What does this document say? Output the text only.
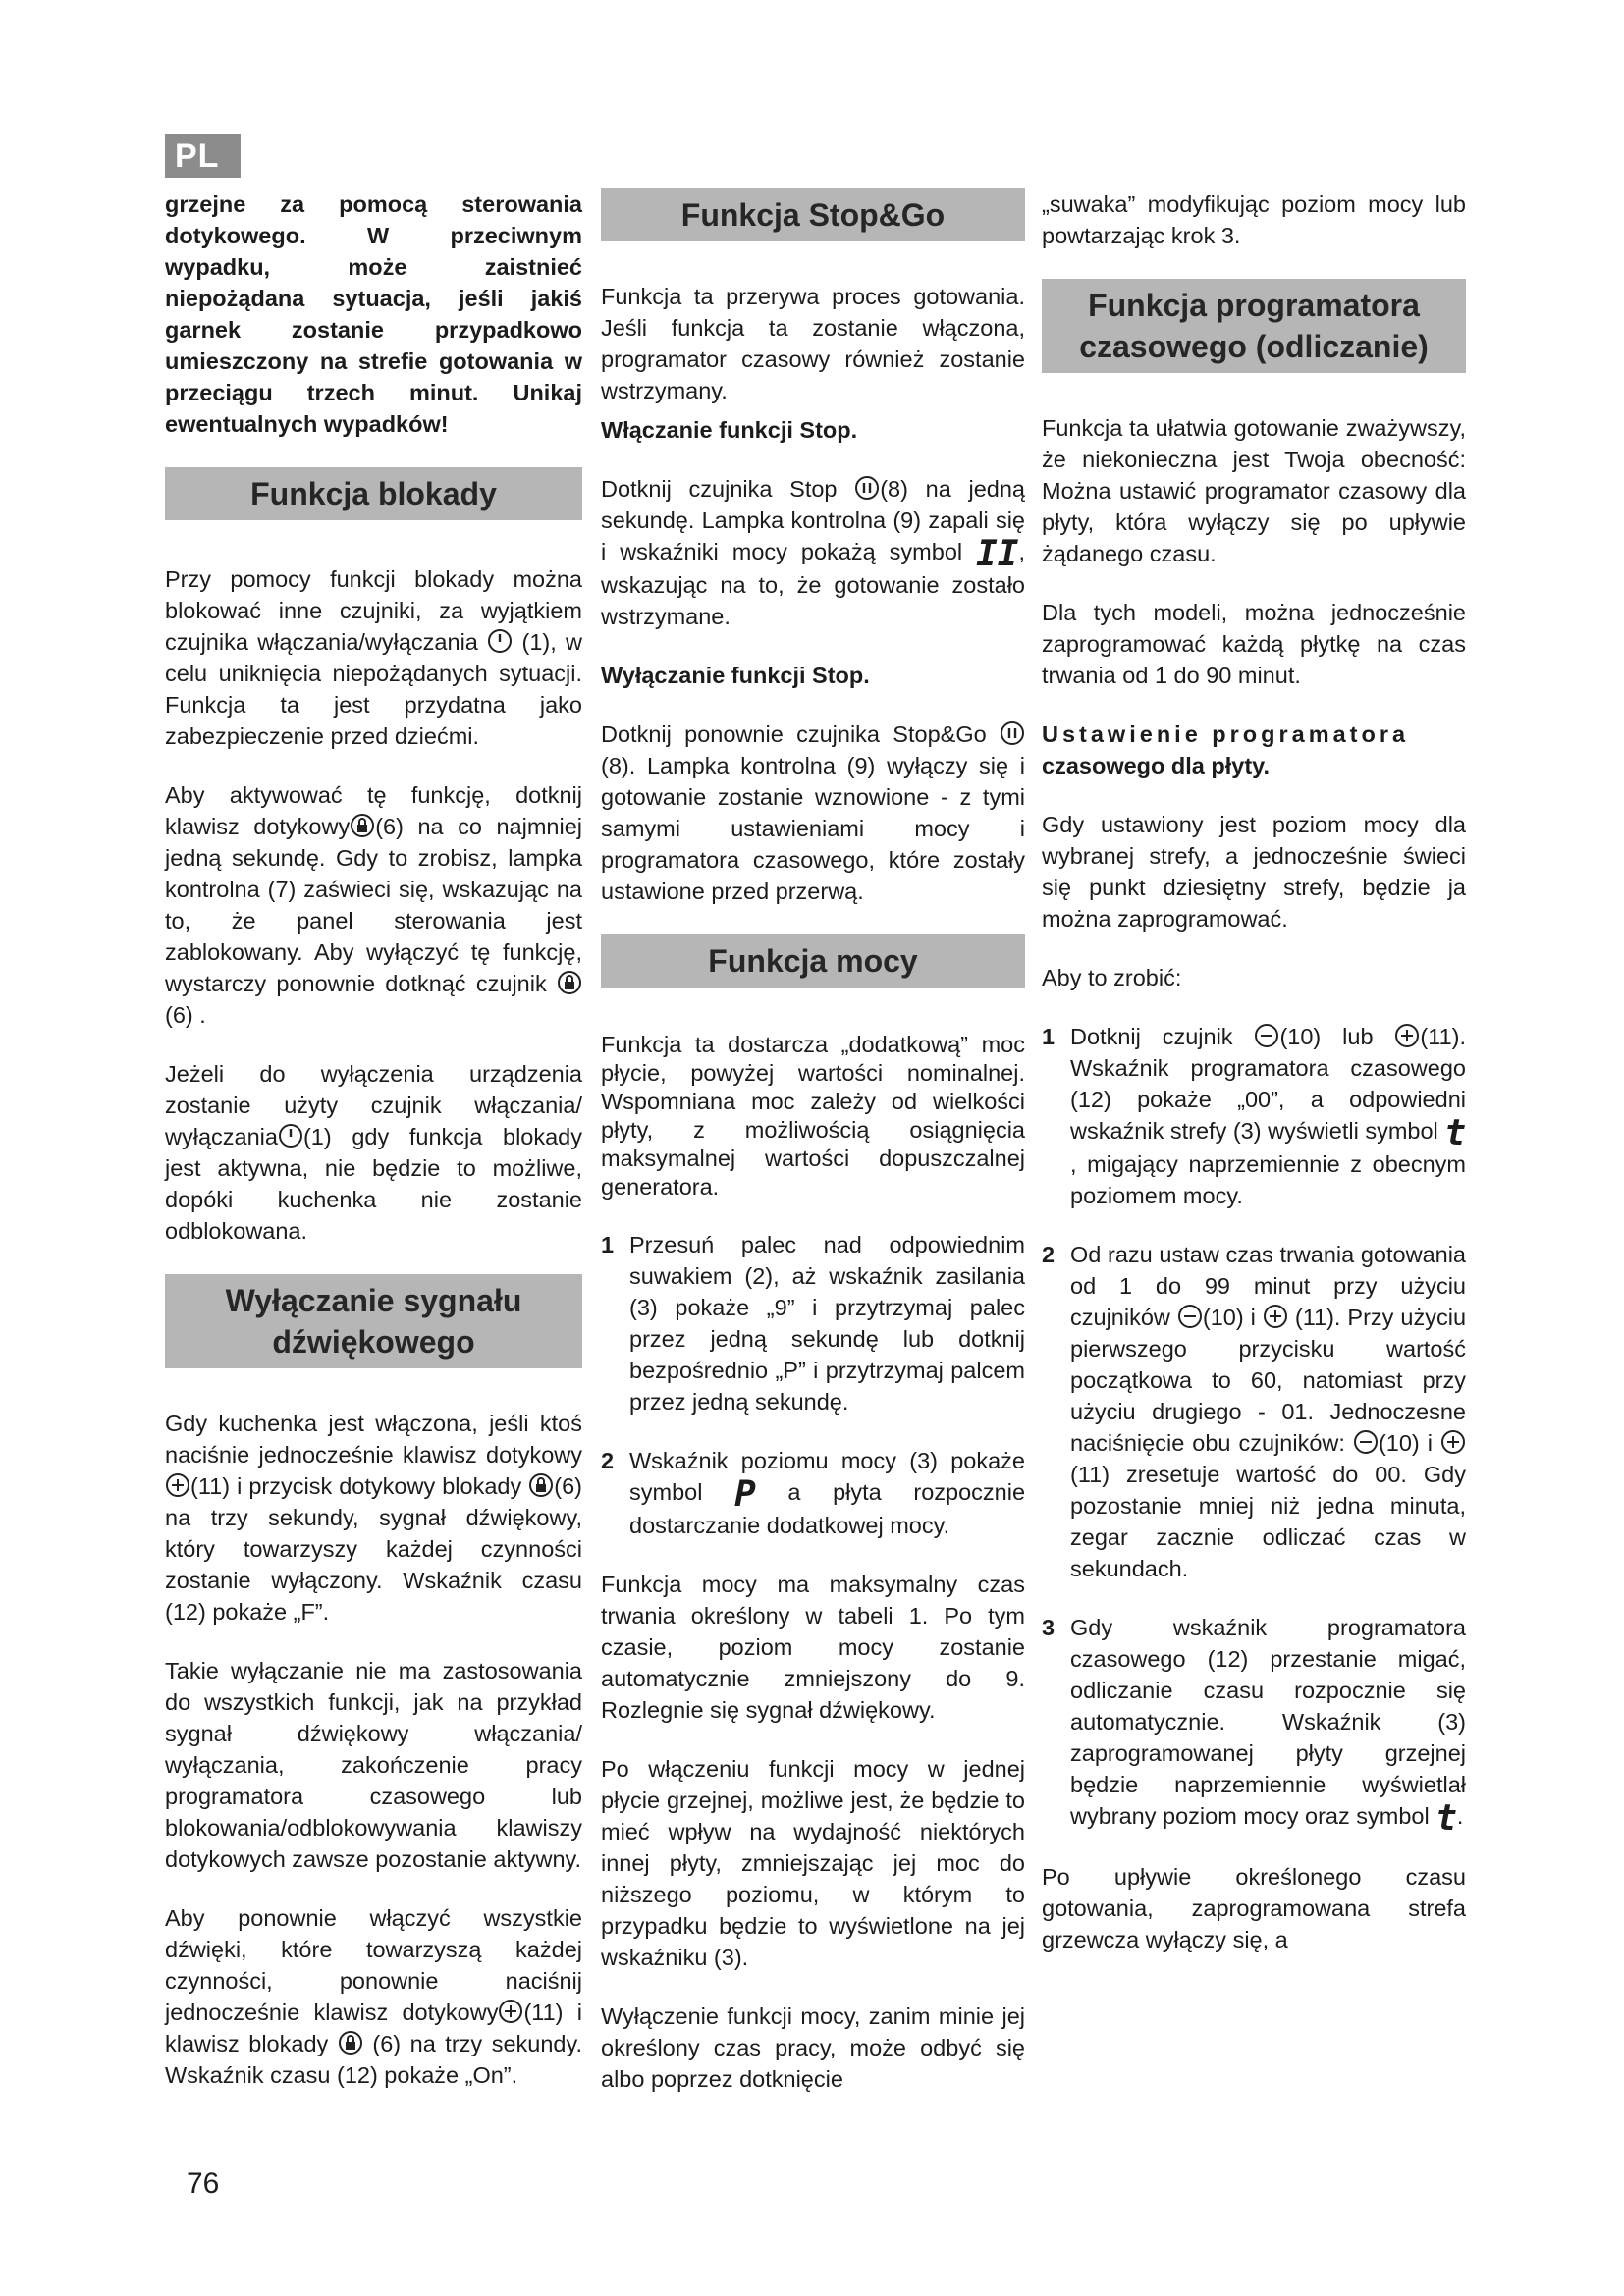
PL

grzejne za pomocą sterowania dotykowego. W przeciwnym wypadku, może zaistnieć niepożądana sytuacja, jeśli jakiś garnek zostanie przypadkowo umieszczony na strefie gotowania w przeciągu trzech minut. Unikaj ewentualnych wypadków!

Funkcja blokady

Przy pomocy funkcji blokady można blokować inne czujniki, za wyjątkiem czujnika włączania/wyłączania (1), w celu uniknięcia niepożądanych sytuacji. Funkcja ta jest przydatna jako zabezpieczenie przed dziećmi.

Aby aktywować tę funkcję, dotknij klawisz dotykowy (6) na co najmniej jedną sekundę. Gdy to zrobisz, lampka kontrolna (7) zaświeci się, wskazując na to, że panel sterowania jest zablokowany. Aby wyłączyć tę funkcję, wystarczy ponownie dotknąć czujnik (6) .

Jeżeli do wyłączenia urządzenia zostanie użyty czujnik włączania/ wyłączania (1) gdy funkcja blokady jest aktywna, nie będzie to możliwe, dopóki kuchenka nie zostanie odblokowana.

Wyłączanie sygnału dźwiękowego

Gdy kuchenka jest włączona, jeśli ktoś naciśnie jednocześnie klawisz dotykowy(11) i przycisk dotykowy blokady (6) na trzy sekundy, sygnał dźwiękowy, który towarzyszy każdej czynności zostanie wyłączony. Wskaźnik czasu (12) pokaże „F”.

Takie wyłączanie nie ma zastosowania do wszystkich funkcji, jak na przykład sygnał dźwiękowy włączania/ wyłączania, zakończenie pracy programatora czasowego lub blokowania/odblokowywania klawiszy dotykowych zawsze pozostanie aktywny.

Aby ponownie włączyć wszystkie dźwięki, które towarzyszą każdej czynności, ponownie naciśnij jednocześnie klawisz dotykowy (11) i klawisz blokady (6) na trzy sekundy. Wskaźnik czasu (12) pokaże „On”.

Funkcja Stop&Go

Funkcja ta przerywa proces gotowania. Jeśli funkcja ta zostanie włączona, programator czasowy również zostanie wstrzymany.

Włączanie funkcji Stop.

Dotknij czujnika Stop (8) na jedną sekundę. Lampka kontrolna (9) zapali się i wskaźniki mocy pokażą symbol II, wskazując na to, że gotowanie zostało wstrzymane.

Wyłączanie funkcji Stop.

Dotknij ponownie czujnika Stop&Go  (8). Lampka kontrolna (9) wyłączy się i gotowanie zostanie wznowione - z tymi samymi ustawieniami mocy i programatora czasowego, które zostały ustawione przed przerwą.

Funkcja mocy

Funkcja ta dostarcza „dodatkową” moc płycie, powyżej wartości nominalnej. Wspomniana moc zależy od wielkości płyty, z możliwością osiągnięcia maksymalnej wartości dopuszczalnej generatora.

1 Przesuń palec nad odpowiednim suwakiem (2), aż wskaźnik zasilania (3) pokaże „9” i przytrzymaj palec przez jedną sekundę lub dotknij bezpośrednio „P” i przytrzymaj palcem przez jedną sekundę.
2 Wskaźnik poziomu mocy (3) pokaże symbol P a płyta rozpocznie dostarczanie dodatkowej mocy.

Funkcja mocy ma maksymalny czas trwania określony w tabeli 1. Po tym czasie, poziom mocy zostanie automatycznie zmniejszony do 9. Rozlegnie się sygnał dźwiękowy.

Po włączeniu funkcji mocy w jednej płycie grzejnej, możliwe jest, że będzie to mieć wpływ na wydajność niektórych innej płyty, zmniejszając jej moc do niższego poziomu, w którym to przypadku będzie to wyświetlone na jej wskaźniku (3).

Wyłączenie funkcji mocy, zanim minie jej określony czas pracy, może odbyć się albo poprzez dotknięcie

„suwaka” modyfikując poziom mocy lub powtarzając krok 3.

Funkcja programatora czasowego (odliczanie)

Funkcja ta ułatwia gotowanie zważywszy, że niekonieczna jest Twoja obecność: Można ustawić programator czasowy dla płyty, która wyłączy się po upływie żądanego czasu.

Dla tych modeli, można jednocześnie zaprogramować każdą płytkę na czas trwania od 1 do 90 minut.

Ustawienie programatora
czasowego dla płyty.

Gdy ustawiony jest poziom mocy dla wybranej strefy, a jednocześnie świeci się punkt dziesiętny strefy, będzie ja można zaprogramować.

Aby to zrobić:

1 Dotknij czujnik (10) lub (11). Wskaźnik programatora czasowego (12) pokaże „00”, a odpowiedni wskaźnik strefy (3) wyświetli symbol t, migający naprzemiennie z obecnym poziomem mocy.
2 Od razu ustaw czas trwania gotowania od 1 do 99 minut przy użyciu czujników (10) i (11). Przy użyciu pierwszego przycisku wartość początkowa to 60, natomiast przy użyciu drugiego - 01. Jednoczesne naciśnięcie obu czujników: (10) i (11) zresetuje wartość do 00. Gdy pozostanie mniej niż jedna minuta, zegar zacznie odliczać czas w sekundach.
3 Gdy wskaźnik programatora czasowego (12) przestanie migać, odliczanie czasu rozpocznie się automatycznie. Wskaźnik (3) zaprogramowanej płyty grzejnej będzie naprzemiennie wyświetlał wybrany poziom mocy oraz symbol t.

Po upływie określonego czasu gotowania, zaprogramowana strefa grzewcza wyłączy się, a

76
